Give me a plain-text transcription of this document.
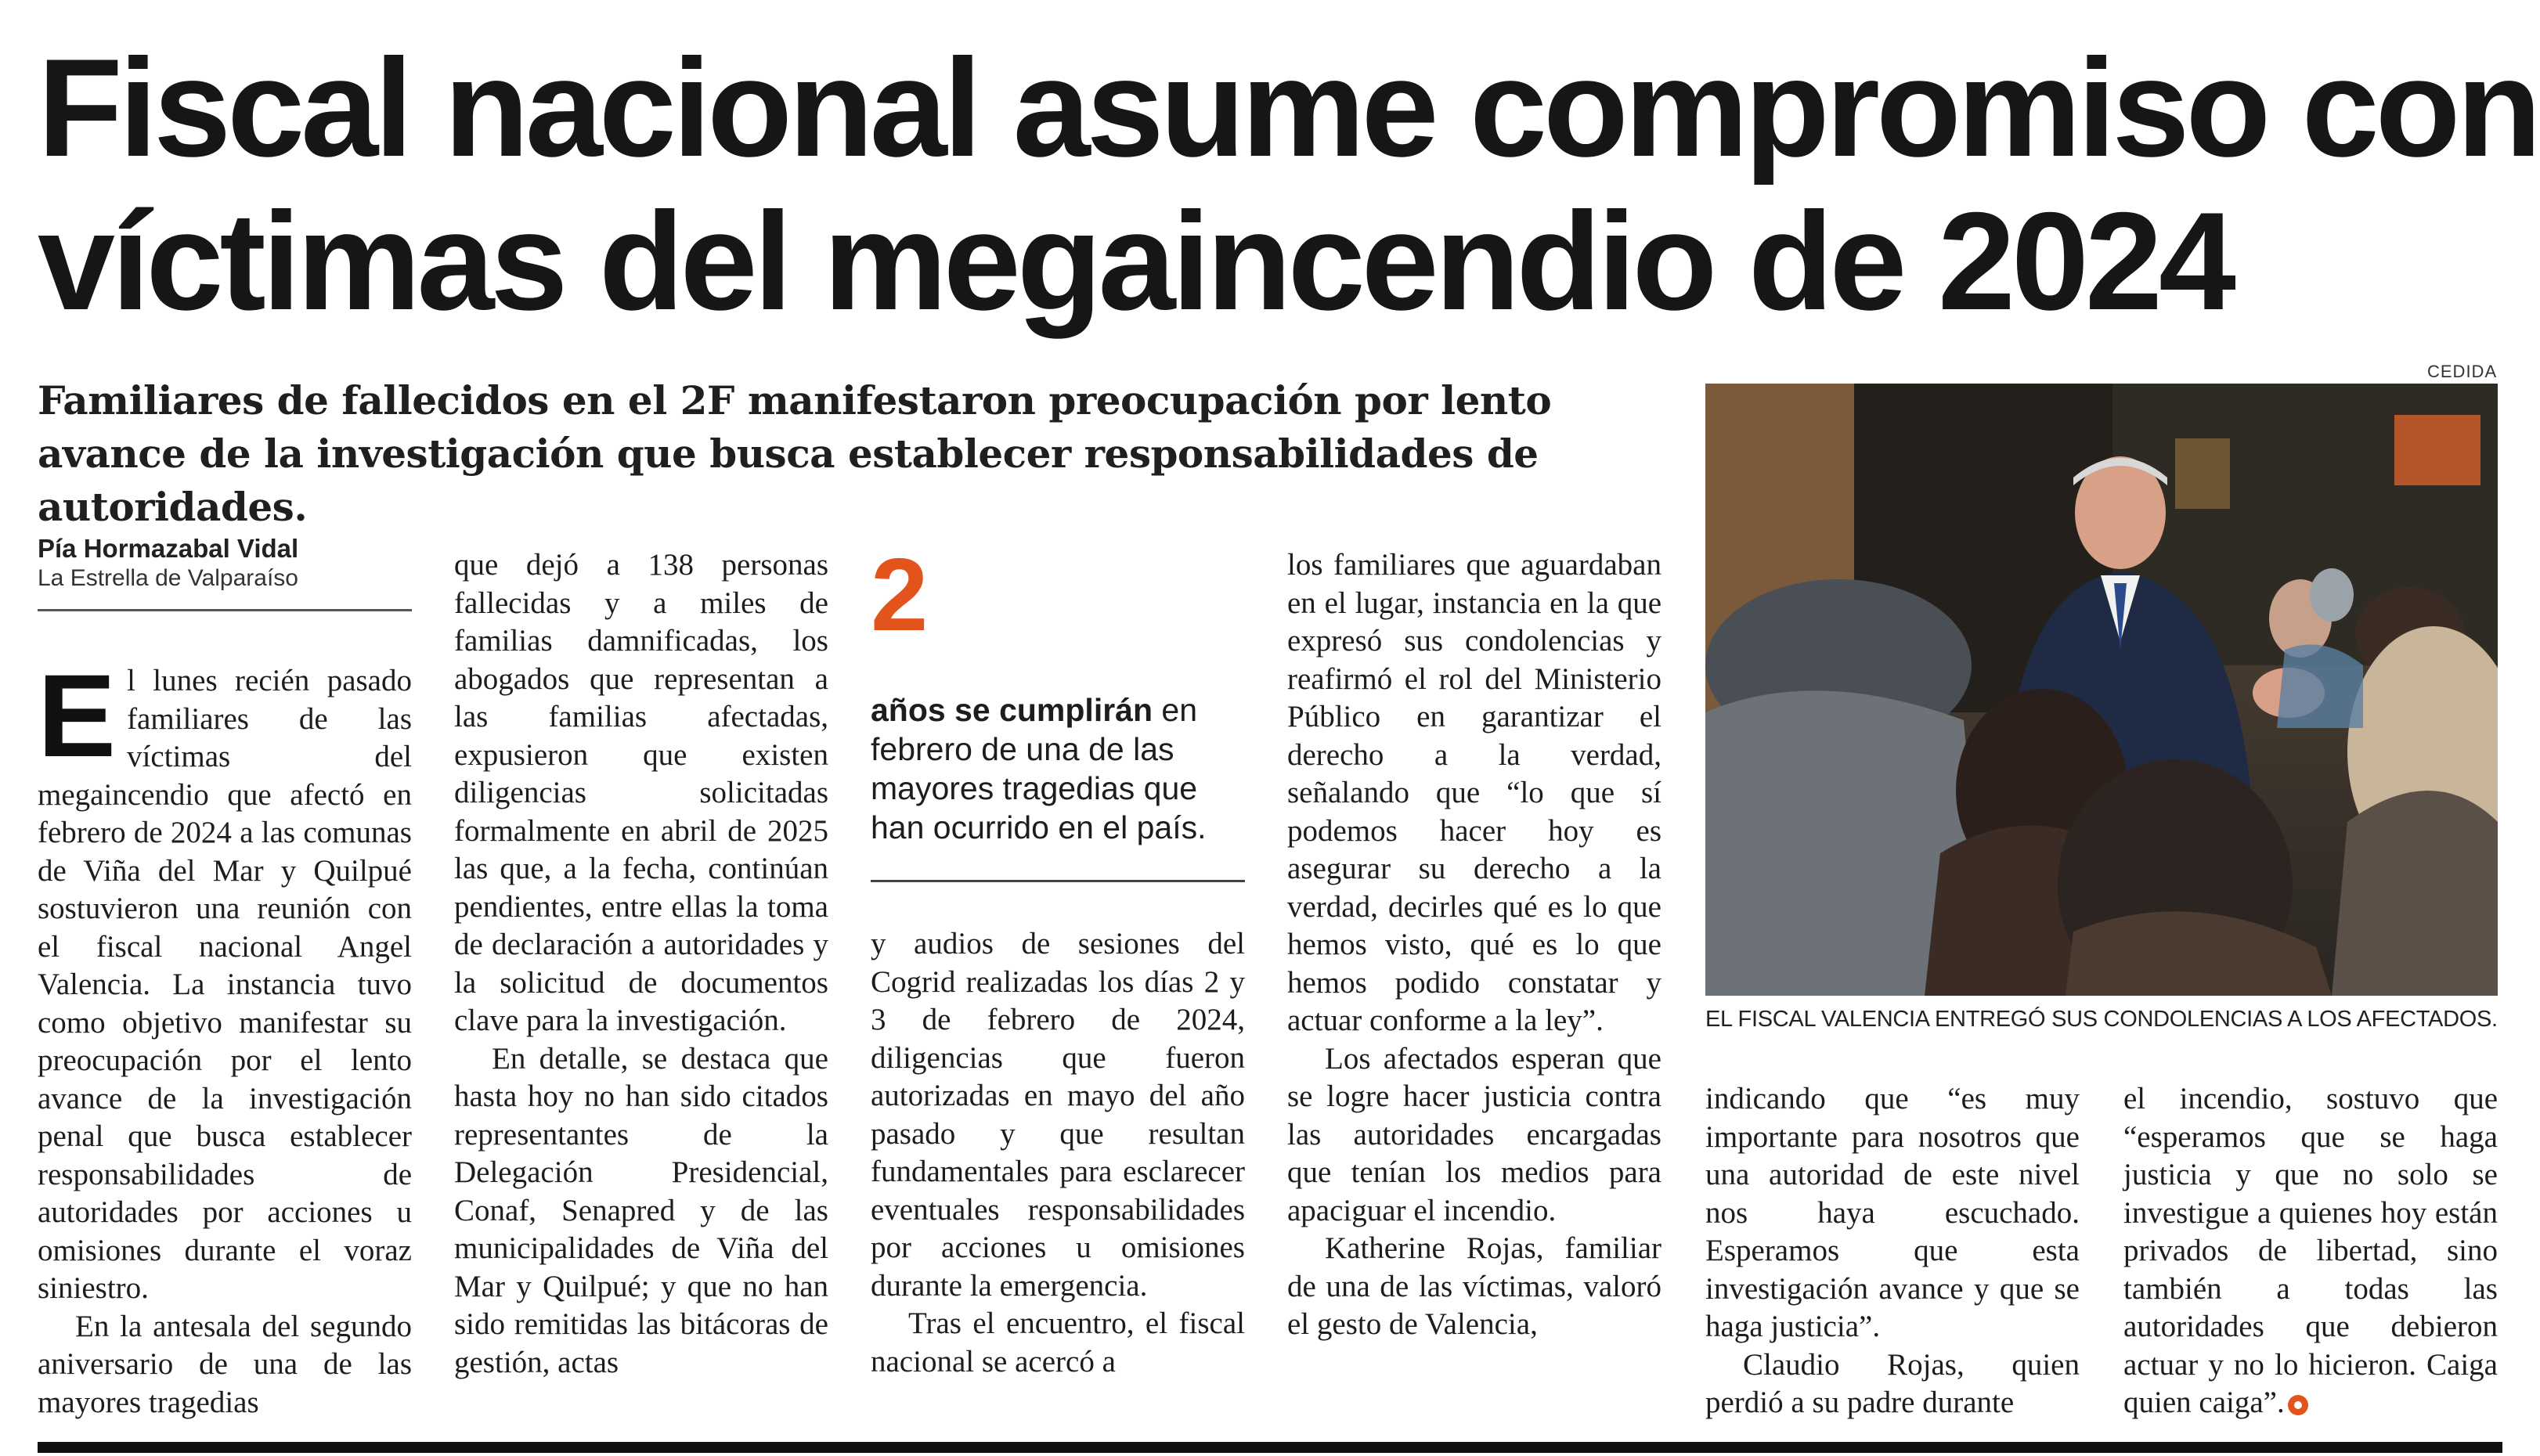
Fiscal nacional asume compromiso con
víctimas del megaincendio de 2024
Familiares de fallecidos en el 2F manifestaron preocupación por lento avance de la investigación que busca establecer responsabilidades de autoridades.
Pía Hormazabal Vidal
La Estrella de Valparaíso
E l lunes recién pasado familiares de las víctimas del megaincendio que afectó en febrero de 2024 a las comunas de Viña del Mar y Quilpué sostuvieron una reunión con el fiscal nacional Angel Valencia. La instancia tuvo como objetivo manifestar su preocupación por el lento avance de la investigación penal que busca establecer responsabilidades de autoridades por acciones u omisiones durante el voraz siniestro.

En la antesala del segundo aniversario de una de las mayores tragedias

que dejó a 138 personas fallecidas y a miles de familias damnificadas, los abogados que representan a las familias afectadas, expusieron que existen diligencias solicitadas formalmente en abril de 2025 las que, a la fecha, continúan pendientes, entre ellas la toma de declaración a autoridades y la solicitud de documentos clave para la investigación.

En detalle, se destaca que hasta hoy no han sido citados representantes de la Delegación Presidencial, Conaf, Senapred y de las municipalidades de Viña del Mar y Quilpué; y que no han sido remitidas las bitácoras de gestión, actas

2
años se cumplirán en febrero de una de las mayores tragedias que han ocurrido en el país.

y audios de sesiones del Cogrid realizadas los días 2 y 3 de febrero de 2024, diligencias que fueron autorizadas en mayo del año pasado y que resultan fundamentales para esclarecer eventuales responsabilidades por acciones u omisiones durante la emergencia.

Tras el encuentro, el fiscal nacional se acercó a

los familiares que aguardaban en el lugar, instancia en la que expresó sus condolencias y reafirmó el rol del Ministerio Público en garantizar el derecho a la verdad, señalando que “lo que sí podemos hacer hoy es asegurar su derecho a la verdad, decirles qué es lo que hemos visto, qué es lo que hemos podido constatar y actuar conforme a la ley”.

Los afectados esperan que se logre hacer justicia contra las autoridades encargadas que tenían los medios para apaciguar el incendio.

Katherine Rojas, familiar de una de las víctimas, valoró el gesto de Valencia,

CEDIDA
EL FISCAL VALENCIA ENTREGÓ SUS CONDOLENCIAS A LOS AFECTADOS.

indicando que “es muy importante para nosotros que una autoridad de este nivel nos haya escuchado. Esperamos que esta investigación avance y que se haga justicia”.

Claudio Rojas, quien perdió a su padre durante

el incendio, sostuvo que “esperamos que se haga justicia y que no solo se investigue a quienes hoy están privados de libertad, sino también a todas las autoridades que debieron actuar y no lo hicieron. Caiga quien caiga”.
